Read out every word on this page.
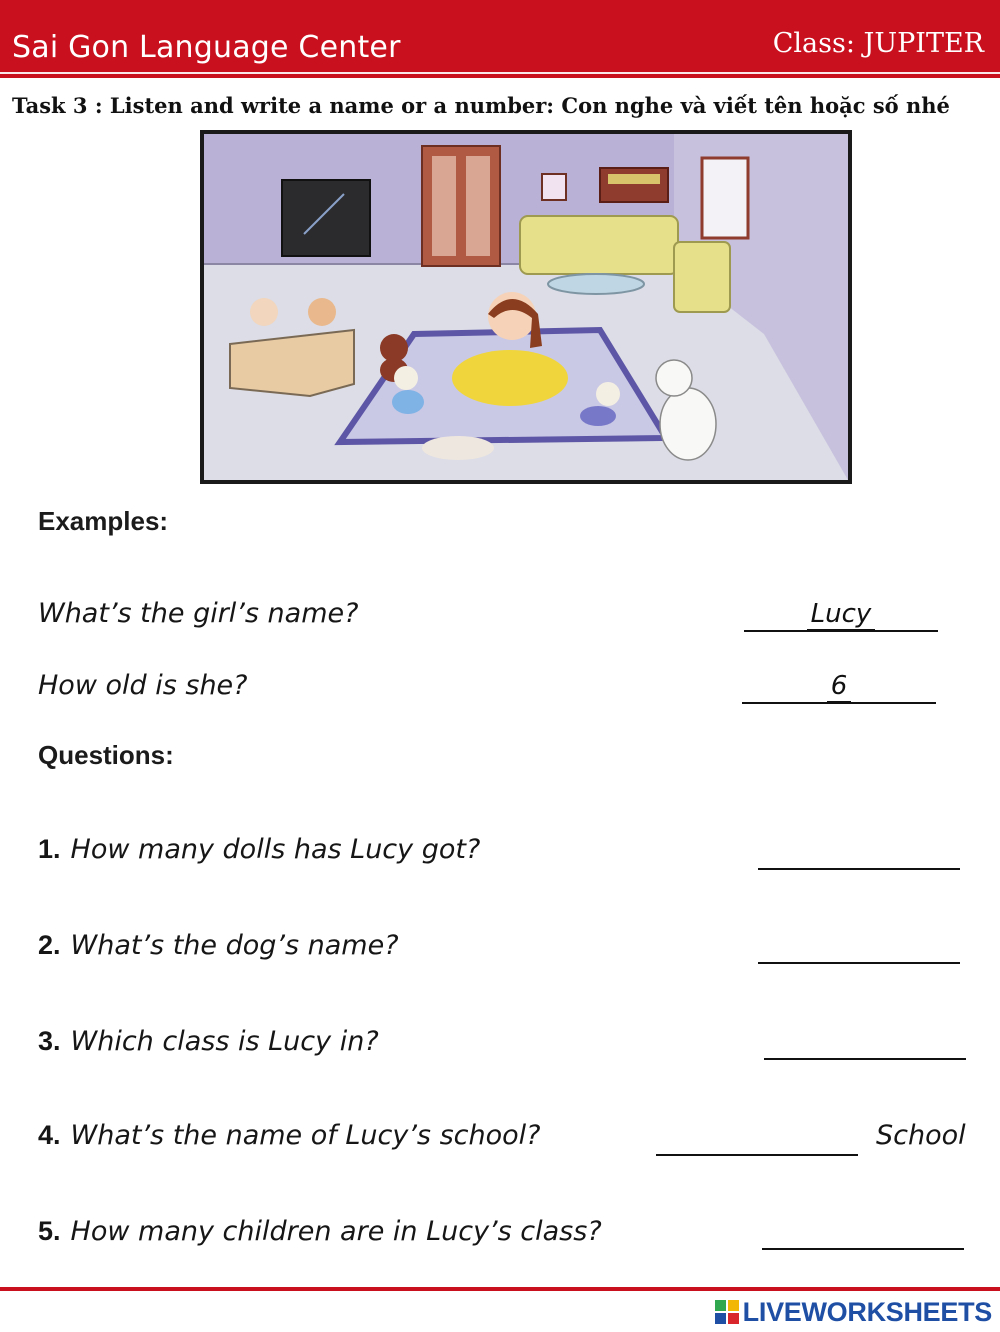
Sai Gon Language Center	Class: JUPITER
Task 3 : Listen and write a name or a number: Con nghe và viết tên hoặc số nhé
Examples:
What’s the girl’s name?	Lucy
How old is she?	6
Questions:
1. How many dolls has Lucy got?
2. What’s the dog’s name?
3. Which class is Lucy in?
4. What’s the name of Lucy’s school?	School
5. How many children are in Lucy’s class?
LIVEWORKSHEETS
